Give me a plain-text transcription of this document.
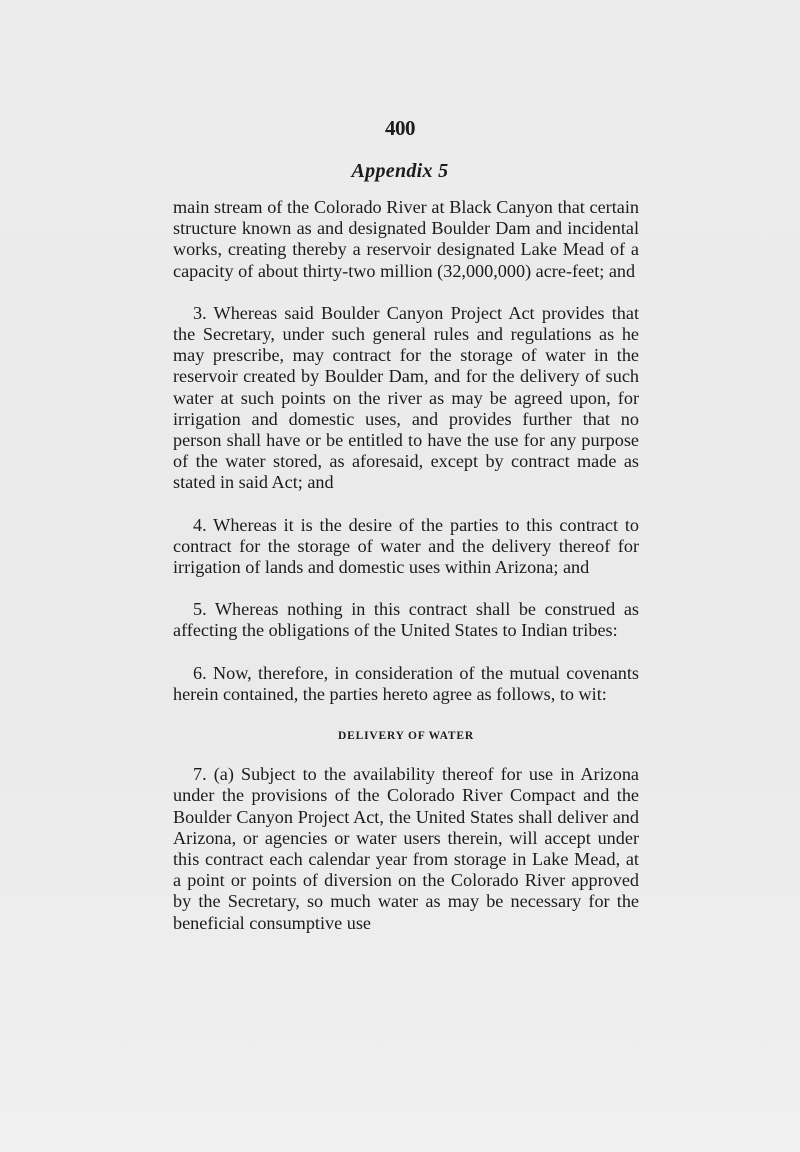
400
Appendix 5

main stream of the Colorado River at Black Canyon that certain structure known as and designated Boulder Dam and incidental works, creating thereby a reservoir designated Lake Mead of a capacity of about thirty-two million (32,000,000) acre-feet; and

3. Whereas said Boulder Canyon Project Act provides that the Secretary, under such general rules and regulations as he may prescribe, may contract for the storage of water in the reservoir created by Boulder Dam, and for the delivery of such water at such points on the river as may be agreed upon, for irrigation and domestic uses, and provides further that no person shall have or be entitled to have the use for any purpose of the water stored, as aforesaid, except by contract made as stated in said Act; and

4. Whereas it is the desire of the parties to this contract to contract for the storage of water and the delivery thereof for irrigation of lands and domestic uses within Arizona; and

5. Whereas nothing in this contract shall be construed as affecting the obligations of the United States to Indian tribes:

6. Now, therefore, in consideration of the mutual covenants herein contained, the parties hereto agree as follows, to wit:

DELIVERY OF WATER

7. (a) Subject to the availability thereof for use in Arizona under the provisions of the Colorado River Compact and the Boulder Canyon Project Act, the United States shall deliver and Arizona, or agencies or water users therein, will accept under this contract each calendar year from storage in Lake Mead, at a point or points of diversion on the Colorado River approved by the Secretary, so much water as may be necessary for the beneficial consumptive use
